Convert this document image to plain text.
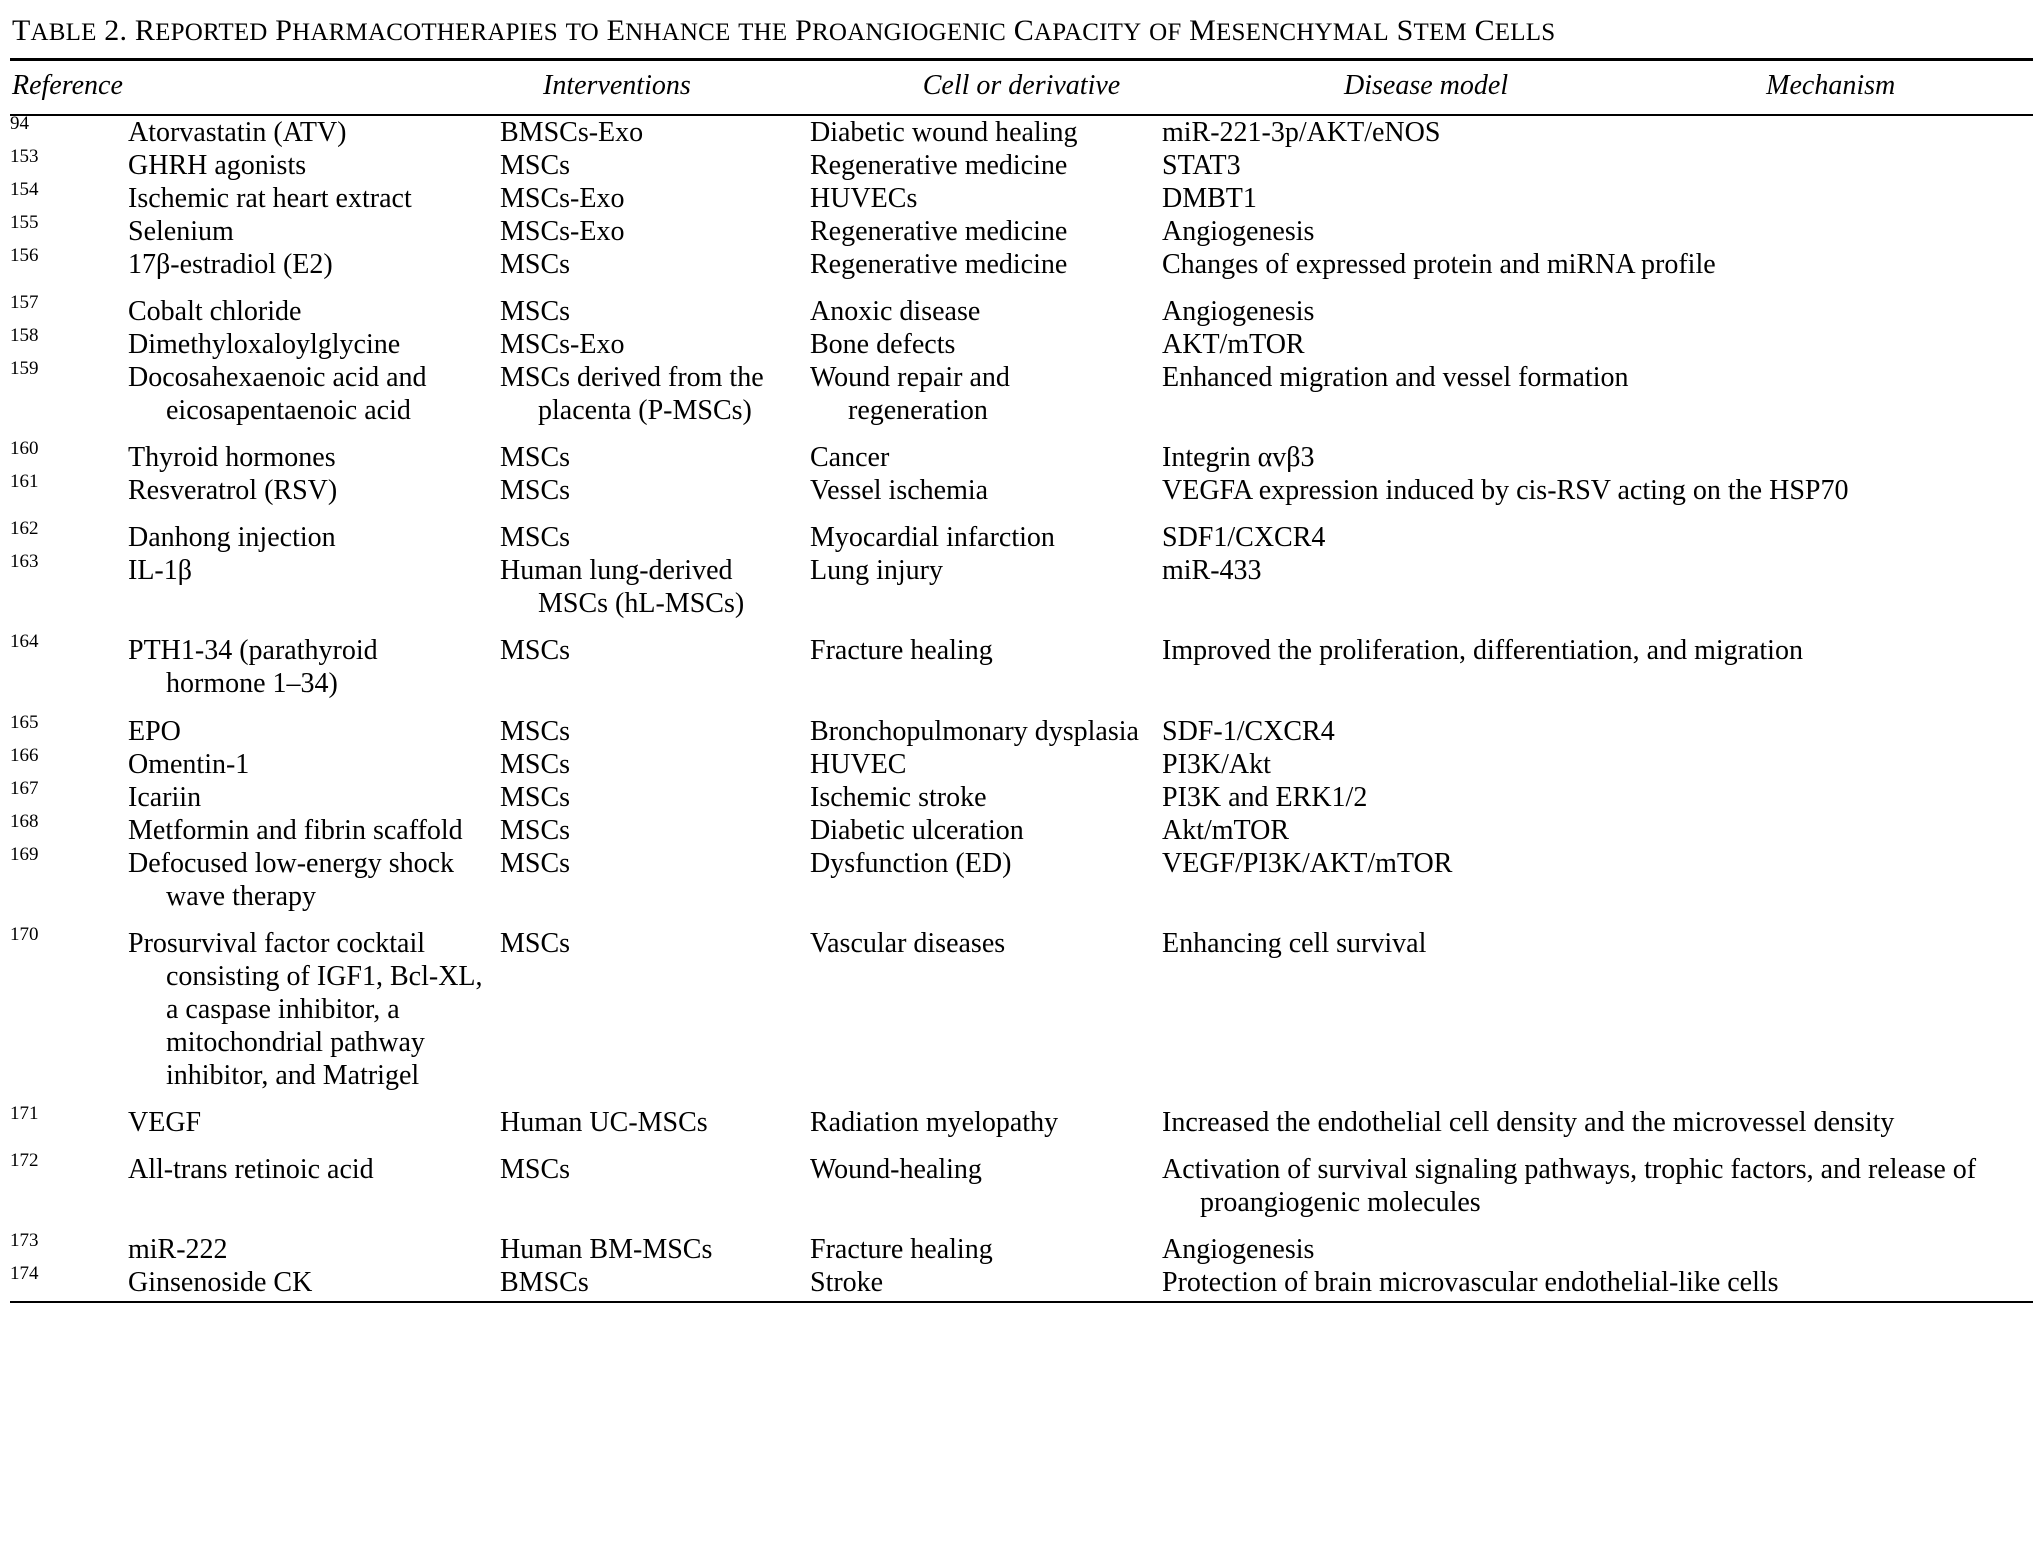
TABLE 2. REPORTED PHARMACOTHERAPIES TO ENHANCE THE PROANGIOGENIC CAPACITY OF MESENCHYMAL STEM CELLS
Reference	Interventions	Cell or derivative	Disease model	Mechanism
94	Atorvastatin (ATV)	BMSCs-Exo	Diabetic wound healing	miR-221-3p/AKT/eNOS

153	GHRH agonists	MSCs	Regenerative medicine	STAT3

154	Ischemic rat heart extract	MSCs-Exo	HUVECs	DMBT1

155	Selenium	MSCs-Exo	Regenerative medicine	Angiogenesis

156	17β-estradiol (E2)	MSCs	Regenerative medicine	Changes of expressed protein and miRNA profile

157	Cobalt chloride	MSCs	Anoxic disease	Angiogenesis

158	Dimethyloxaloylglycine	MSCs-Exo	Bone defects	AKT/mTOR

159	Docosahexaenoic acid and eicosapentaenoic acid	MSCs derived from the placenta (P-MSCs)	Wound repair and regeneration	Enhanced migration and vessel formation

160	Thyroid hormones	MSCs	Cancer	Integrin αvβ3

161	Resveratrol (RSV)	MSCs	Vessel ischemia	VEGFA expression induced by cis-RSV acting on the HSP70

162	Danhong injection	MSCs	Myocardial infarction	SDF1/CXCR4

163	IL-1β	Human lung-derived MSCs (hL-MSCs)	Lung injury	miR-433

164	PTH1-34 (parathyroid hormone 1–34)	MSCs	Fracture healing	Improved the proliferation, differentiation, and migration

165	EPO	MSCs	Bronchopulmonary dysplasia	SDF-1/CXCR4

166	Omentin-1	MSCs	HUVEC	PI3K/Akt

167	Icariin	MSCs	Ischemic stroke	PI3K and ERK1/2

168	Metformin and fibrin scaffold	MSCs	Diabetic ulceration	Akt/mTOR

169	Defocused low-energy shock wave therapy	MSCs	Dysfunction (ED)	VEGF/PI3K/AKT/mTOR

170	Prosurvival factor cocktail consisting of IGF1, Bcl-XL, a caspase inhibitor, a mitochondrial pathway inhibitor, and Matrigel	MSCs	Vascular diseases	Enhancing cell survival

171	VEGF	Human UC-MSCs	Radiation myelopathy	Increased the endothelial cell density and the microvessel density

172	All-trans retinoic acid	MSCs	Wound-healing	Activation of survival signaling pathways, trophic factors, and release of proangiogenic molecules

173	miR-222	Human BM-MSCs	Fracture healing	Angiogenesis

174	Ginsenoside CK	BMSCs	Stroke	Protection of brain microvascular endothelial-like cells
